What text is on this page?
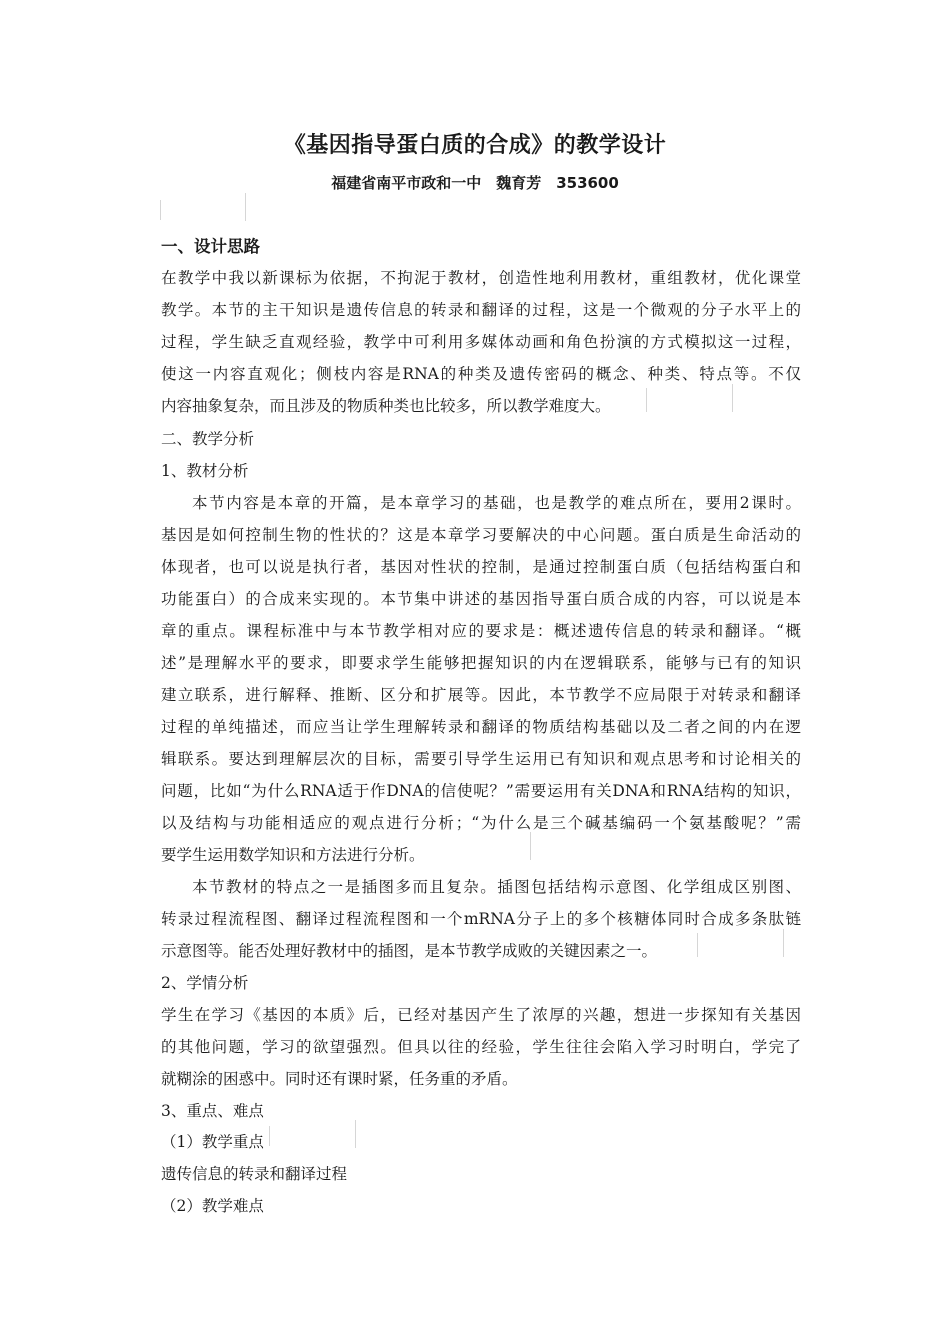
《基因指导蛋白质的合成》的教学设计
福建省南平市政和一中　魏育芳　353600
一、设计思路
在教学中我以新课标为依据，不拘泥于教材，创造性地利用教材，重组教材，优化课堂
教学。本节的主干知识是遗传信息的转录和翻译的过程，这是一个微观的分子水平上的
过程，学生缺乏直观经验，教学中可利用多媒体动画和角色扮演的方式模拟这一过程，
使这一内容直观化；侧枝内容是RNA的种类及遗传密码的概念、种类、特点等。不仅
内容抽象复杂，而且涉及的物质种类也比较多，所以教学难度大。
二、教学分析
1、教材分析
本节内容是本章的开篇，是本章学习的基础，也是教学的难点所在，要用2课时。
基因是如何控制生物的性状的？这是本章学习要解决的中心问题。蛋白质是生命活动的
体现者，也可以说是执行者，基因对性状的控制，是通过控制蛋白质（包括结构蛋白和
功能蛋白）的合成来实现的。本节集中讲述的基因指导蛋白质合成的内容，可以说是本
章的重点。课程标准中与本节教学相对应的要求是：概述遗传信息的转录和翻译。“概
述”是理解水平的要求，即要求学生能够把握知识的内在逻辑联系，能够与已有的知识
建立联系，进行解释、推断、区分和扩展等。因此，本节教学不应局限于对转录和翻译
过程的单纯描述，而应当让学生理解转录和翻译的物质结构基础以及二者之间的内在逻
辑联系。要达到理解层次的目标，需要引导学生运用已有知识和观点思考和讨论相关的
问题，比如“为什么RNA适于作DNA的信使呢？”需要运用有关DNA和RNA结构的知识，
以及结构与功能相适应的观点进行分析；“为什么是三个碱基编码一个氨基酸呢？”需
要学生运用数学知识和方法进行分析。
本节教材的特点之一是插图多而且复杂。插图包括结构示意图、化学组成区别图、
转录过程流程图、翻译过程流程图和一个mRNA分子上的多个核糖体同时合成多条肽链
示意图等。能否处理好教材中的插图，是本节教学成败的关键因素之一。
2、学情分析
学生在学习《基因的本质》后，已经对基因产生了浓厚的兴趣，想进一步探知有关基因
的其他问题，学习的欲望强烈。但具以往的经验，学生往往会陷入学习时明白，学完了
就糊涂的困惑中。同时还有课时紧，任务重的矛盾。
3、重点、难点
（1）教学重点
遗传信息的转录和翻译过程
（2）教学难点
